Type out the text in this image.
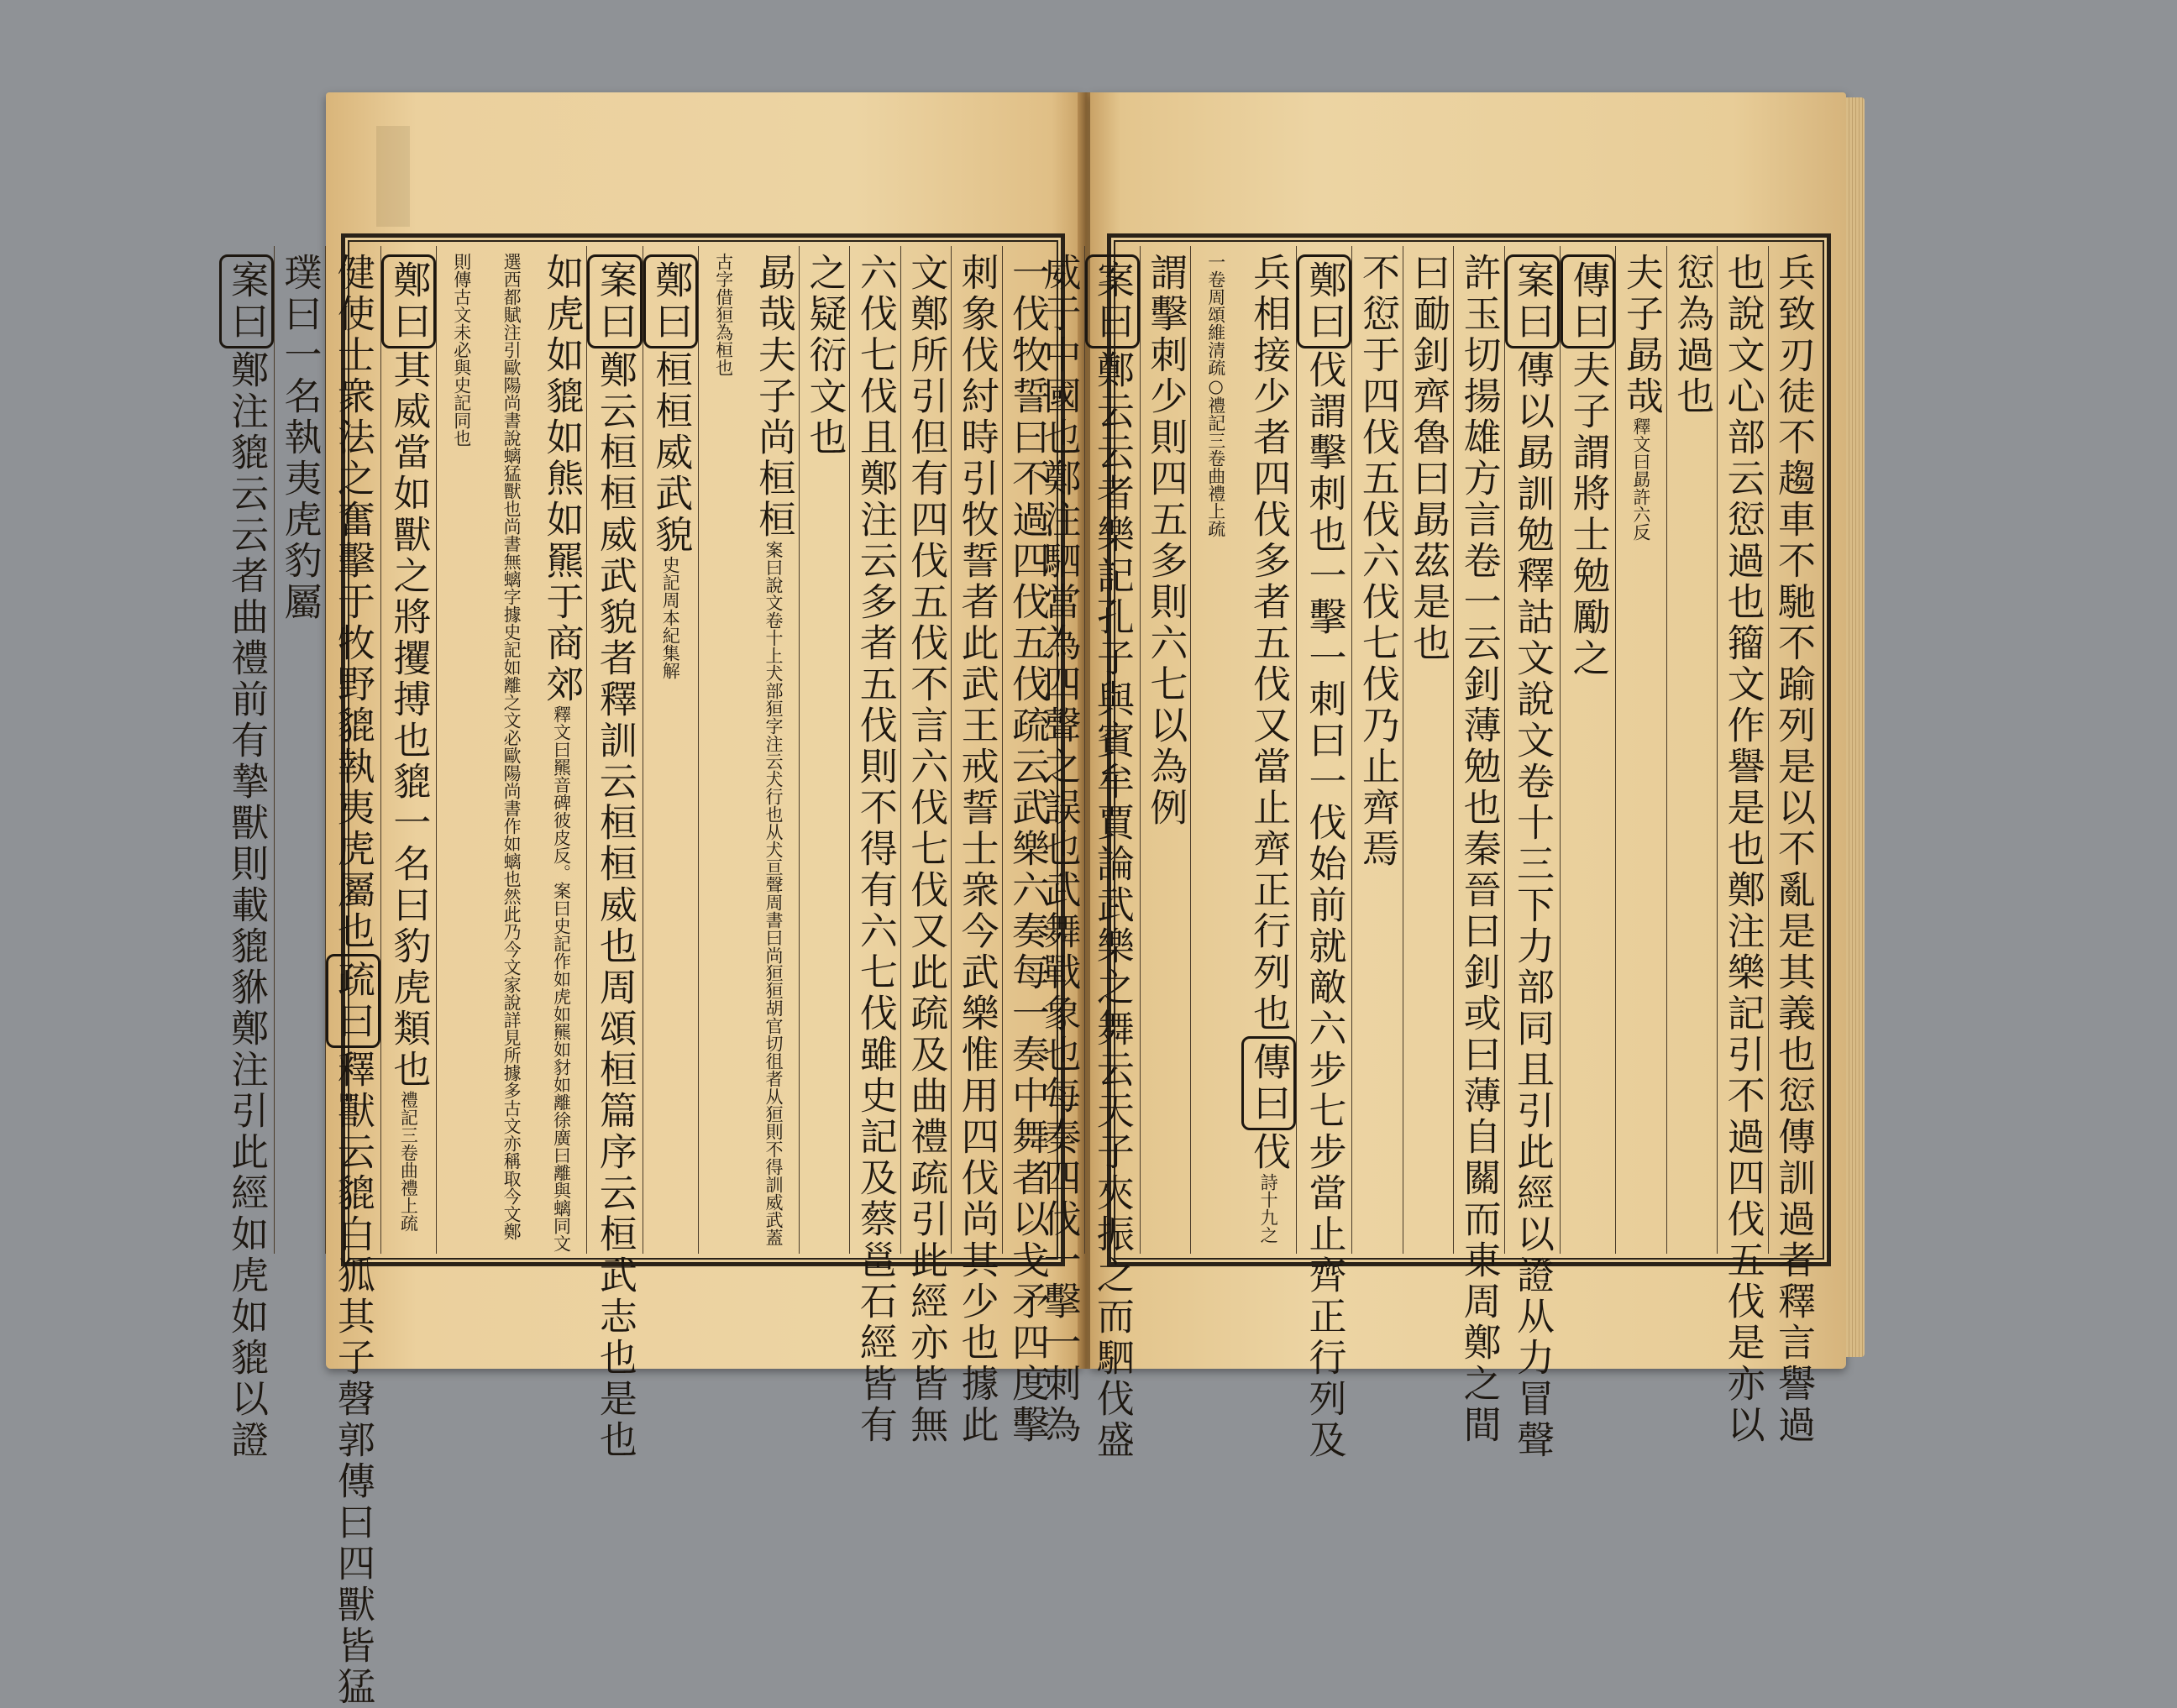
一伐牧誓曰不過四伐五伐疏云武樂六奏每一奏中舞者以戈矛四度擊
刺象伐紂時引牧誓者此武王戒誓士衆今武樂惟用四伐尚其少也據此
文鄭所引但有四伐五伐不言六伐七伐又此疏及曲禮疏引此經亦皆無
六伐七伐且鄭注云多者五伐則不得有六七伐雖史記及蔡邕石經皆有
之疑衍文也
勗哉夫子尚桓桓案曰說文卷十上犬部狟字注云犬行也从犬亘聲周書曰尚狟狟胡官切徂者从狟則不得訓威武蓋古字借狟為桓也
鄭曰桓桓威武貌史記周本紀集解
案曰鄭云桓桓威武貌者釋訓云桓桓威也周頌桓篇序云桓武志也是也
如虎如貔如熊如羆于商郊釋文曰羆音碑彼皮反。案曰史記作如虎如羆如豺如離徐廣曰離與螭同文選西都賦注引歐陽尚書說螭猛獸也尚書無螭字據史記如離之文必歐陽尚書作如螭也然此乃今文家說詳見所據多古文亦稱取今文鄭則傳古文未必與史記同也
鄭曰其威當如獸之將攫搏也貔一名曰豹虎類也禮記三卷曲禮上疏
健使士衆法之奮擊于牧野貔執夷虎屬也疏曰釋獸云貔白狐其子㲈郭傳曰四獸皆猛
璞曰一名執夷虎豹屬
案曰鄭注貔云云者曲禮前有摯獸則載貔貅鄭注引此經如虎如貔以證	兵致刃徒不趨車不馳不踰列是以不亂是其義也愆傳訓過者釋言譽過
也說文心部云愆過也籀文作譽是也鄭注樂記引不過四伐五伐是亦以
愆為過也
夫子勗哉釋文曰勗許六反
傳曰夫子謂將士勉勵之
案曰傳以勗訓勉釋詁文說文卷十三下力部同且引此經以證从力冒聲
許玉切揚雄方言卷一云釗薄勉也秦晉曰釗或曰薄自關而東周鄭之間
曰勔釗齊魯曰勗茲是也
不愆于四伐五伐六伐七伐乃止齊焉
鄭曰伐謂擊刺也一擊一刺曰一伐始前就敵六步七步當止齊正行列及
兵相接少者四伐多者五伐又當止齊正行列也傳曰伐詩十九之一卷周頌維清疏○禮記三卷曲禮上疏
謂擊刺少則四五多則六七以為例
案曰鄭云云者樂記孔子與賓牟賈論武樂之舞云天子夾振之而駟伐盛
威于中國也鄭注駟當為四聲之誤也武舞戰象也每奏四伐一擊一刺為
